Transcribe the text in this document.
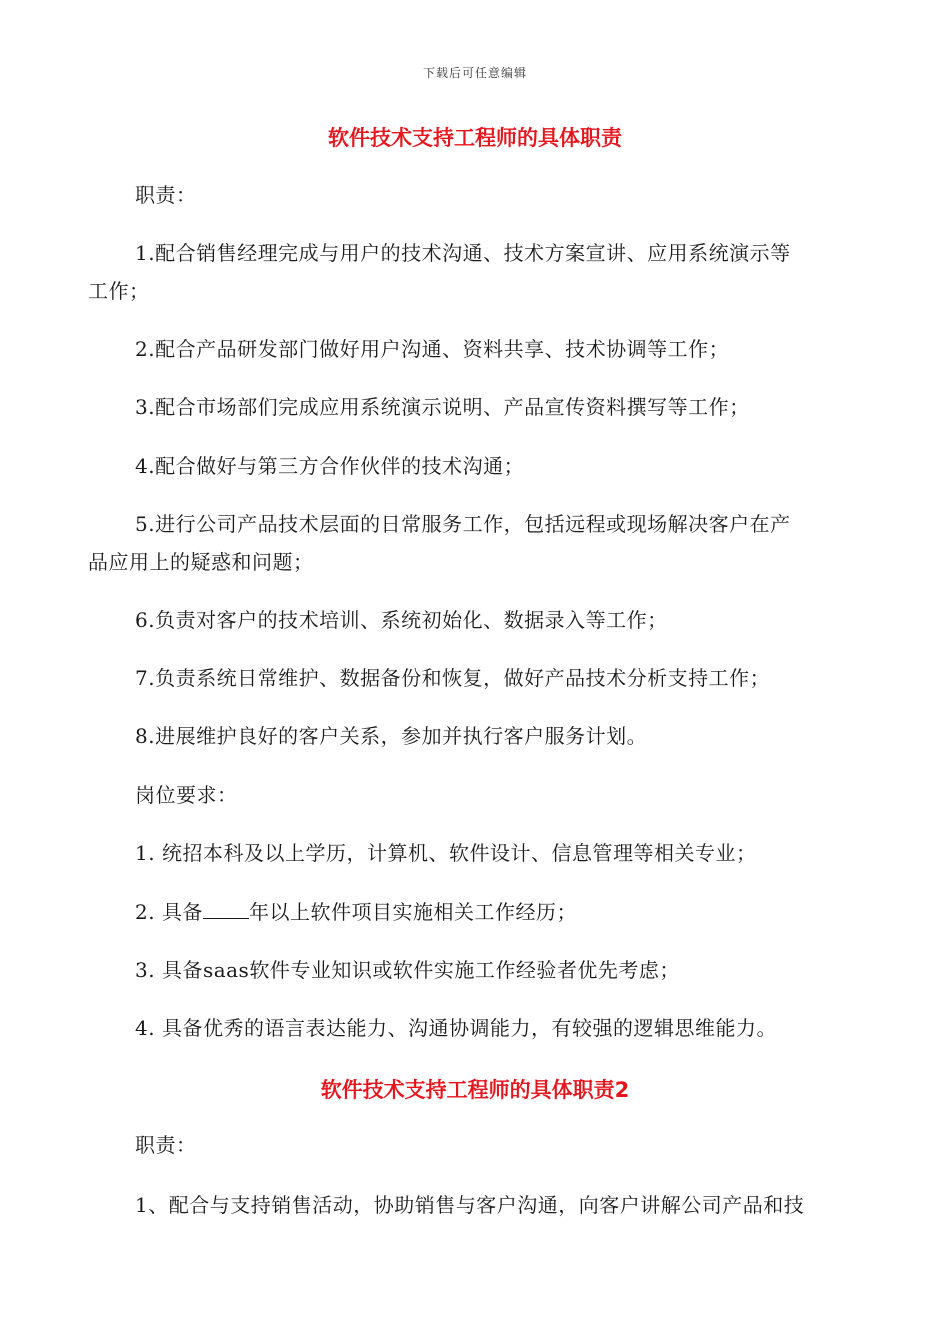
下载后可任意编辑
软件技术支持工程师的具体职责
职责：
1.配合销售经理完成与用户的技术沟通、技术方案宣讲、应用系统演示等
工作；
2.配合产品研发部门做好用户沟通、资料共享、技术协调等工作；
3.配合市场部们完成应用系统演示说明、产品宣传资料撰写等工作；
4.配合做好与第三方合作伙伴的技术沟通；
5.进行公司产品技术层面的日常服务工作，包括远程或现场解决客户在产
品应用上的疑惑和问题；
6.负责对客户的技术培训、系统初始化、数据录入等工作；
7.负责系统日常维护、数据备份和恢复，做好产品技术分析支持工作；
8.进展维护良好的客户关系，参加并执行客户服务计划。
岗位要求：
1. 统招本科及以上学历，计算机、软件设计、信息管理等相关专业；
2. 具备 年以上软件项目实施相关工作经历；
3. 具备saas软件专业知识或软件实施工作经验者优先考虑；
4. 具备优秀的语言表达能力、沟通协调能力，有较强的逻辑思维能力。
软件技术支持工程师的具体职责2
职责：
1、配合与支持销售活动，协助销售与客户沟通，向客户讲解公司产品和技
